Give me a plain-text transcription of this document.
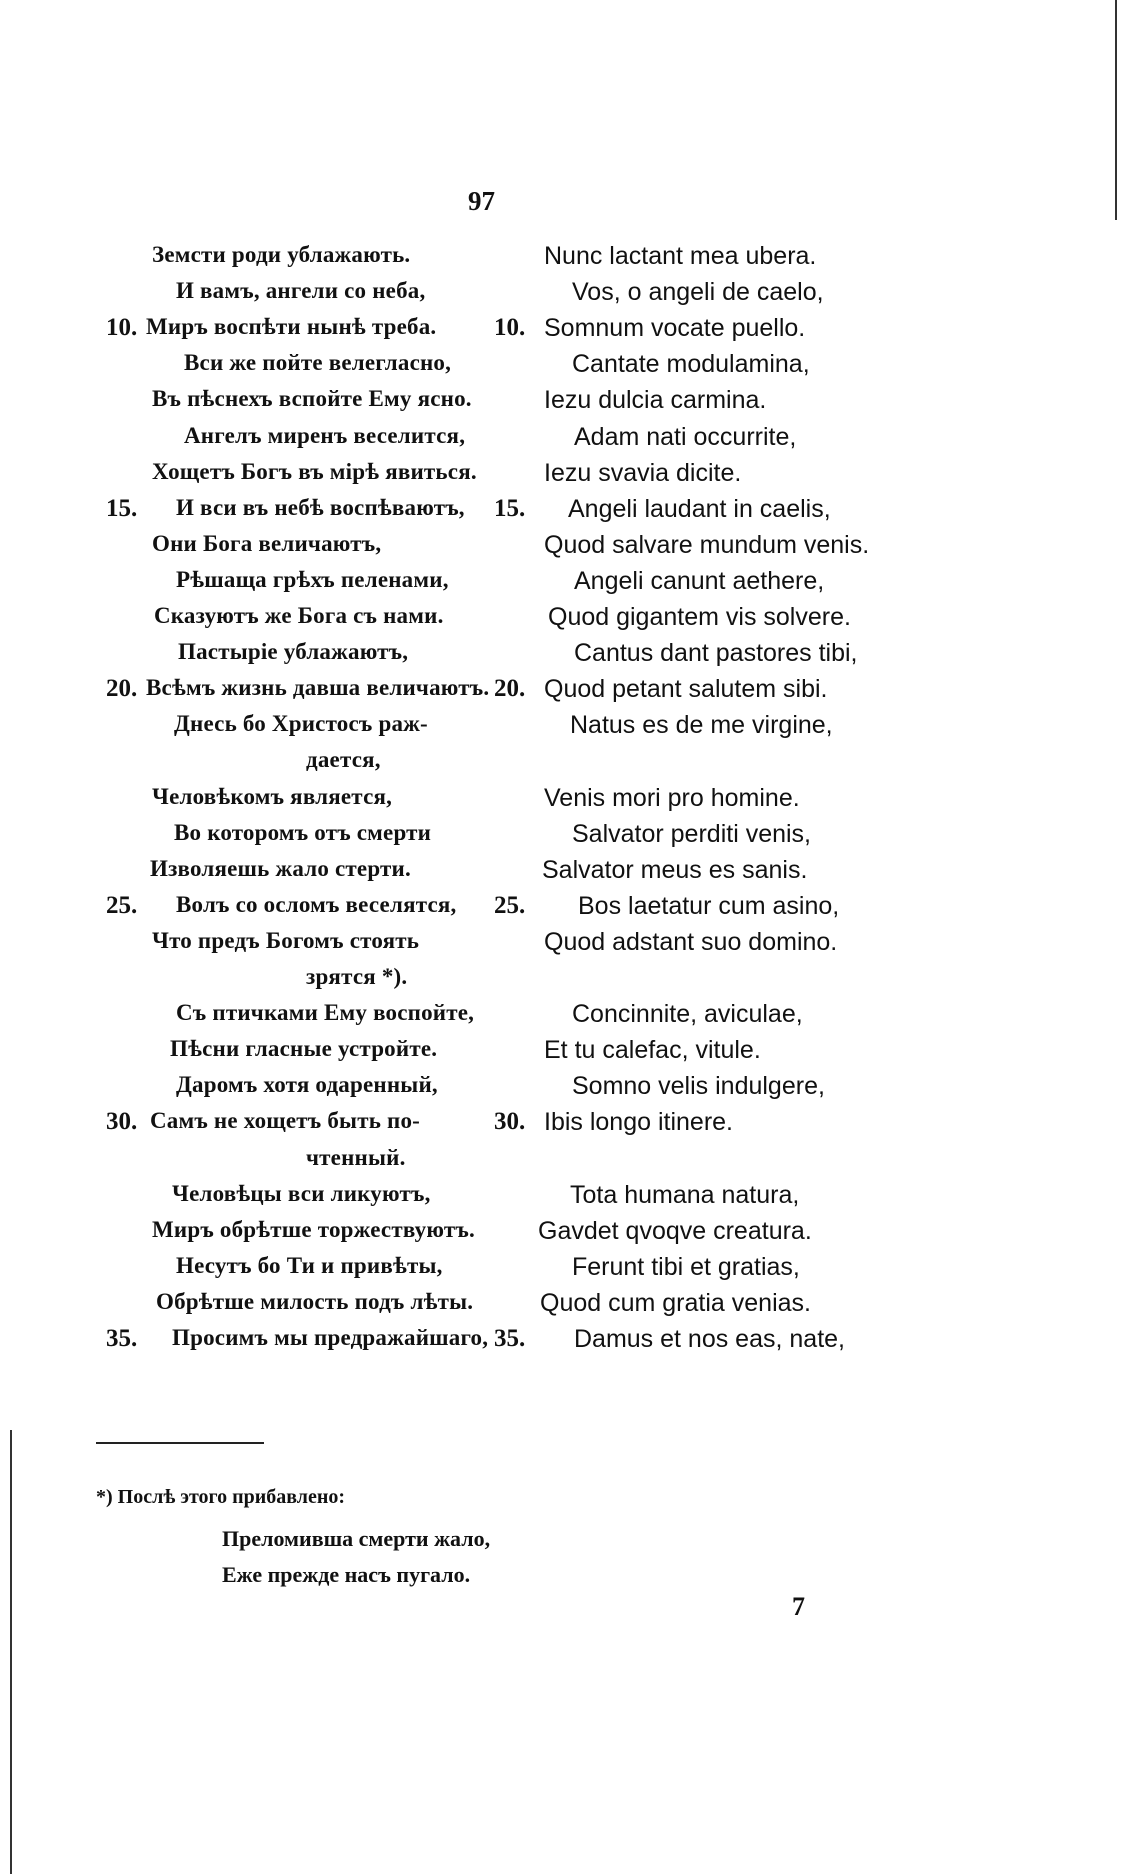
97
Земсти роди ублажають.	Nunc lactant mea ubera.
И вамъ, ангели со неба,	Vos, o angeli de caelo,
10. Миръ воспѣти нынѣ треба. 10. Somnum vocate puello.
Вси же пойте велегласно,	Cantate modulamina,
Въ пѣснехъ вспойте Ему ясно.	Iezu dulcia carmina.
Ангелъ миренъ веселится,	Adam nati occurrite,
Хощетъ Богъ въ мірѣ явиться.	Iezu svavia dicite.
15. И вси въ небѣ воспѣваютъ, 15. Angeli laudant in caelis,
Они Бога величаютъ,	Quod salvare mundum venis.
Рѣшаща грѣхъ пеленами,	Angeli canunt aethere,
Сказуютъ же Бога съ нами.	Quod gigantem vis solvere.
Пастыріе ублажаютъ,	Cantus dant pastores tibi,
20. Всѣмъ жизнь давша величаютъ. 20. Quod petant salutem sibi.
Днесь бо Христосъ раж-	Natus es de me virgine,
дается,
Человѣкомъ является,	Venis mori pro homine.
Во которомъ отъ смерти	Salvator perditi venis,
Изволяешь жало стерти.	Salvator meus es sanis.
25. Волъ со осломъ веселятся, 25. Bos laetatur cum asino,
Что предъ Богомъ стоять	Quod adstant suo domino.
зрятся *).
Съ птичками Ему воспойте,	Concinnite, aviculae,
Пѣсни гласные устройте.	Et tu calefac, vitule.
Даромъ хотя одаренный,	Somno velis indulgere,
30. Самъ не хощетъ быть по-	30. Ibis longo itinere.
чтенный.
Человѣцы вси ликуютъ,	Tota humana natura,
Миръ обрѣтше торжествуютъ.	Gavdet qvoqve creatura.
Несутъ бо Ти и привѣты,	Ferunt tibi et gratias,
Обрѣтше милость подъ лѣты.	Quod cum gratia venias.
35. Просимъ мы предражайшаго, 35. Damus et nos eas, nate,
*) Послѣ этого прибавлено:
Преломивша смерти жало,
Еже прежде насъ пугало.
7
